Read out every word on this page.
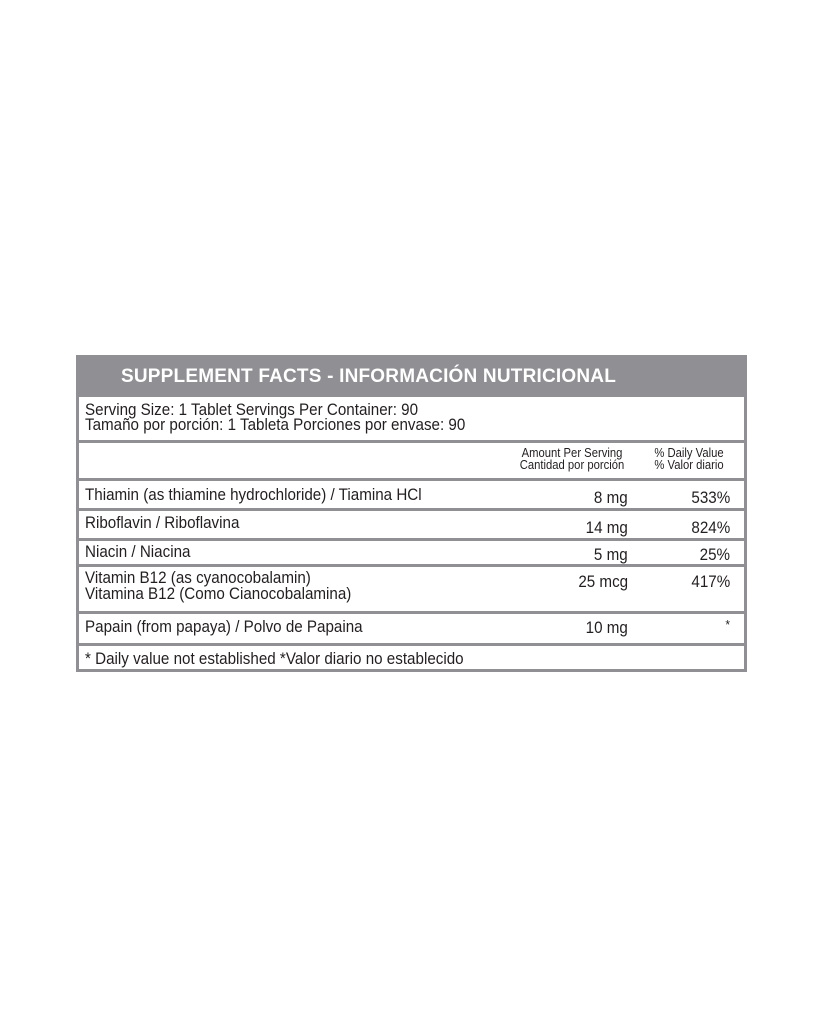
SUPPLEMENT FACTS - INFORMACIÓN NUTRICIONAL
Serving Size: 1 Tablet Servings Per Container: 90
Tamaño por porción: 1 Tableta Porciones por envase: 90
Amount Per Serving
Cantidad por porción
% Daily Value
% Valor diario
Thiamin (as thiamine hydrochloride) / Tiamina HCl	8 mg	533%
Riboflavin / Riboflavina	14 mg	824%
Niacin / Niacina	5 mg	25%
Vitamin B12 (as cyanocobalamin)
Vitamina B12 (Como Cianocobalamina)
25 mcg	417%
Papain (from papaya) / Polvo de Papaina	10 mg	*
* Daily value not established *Valor diario no establecido
